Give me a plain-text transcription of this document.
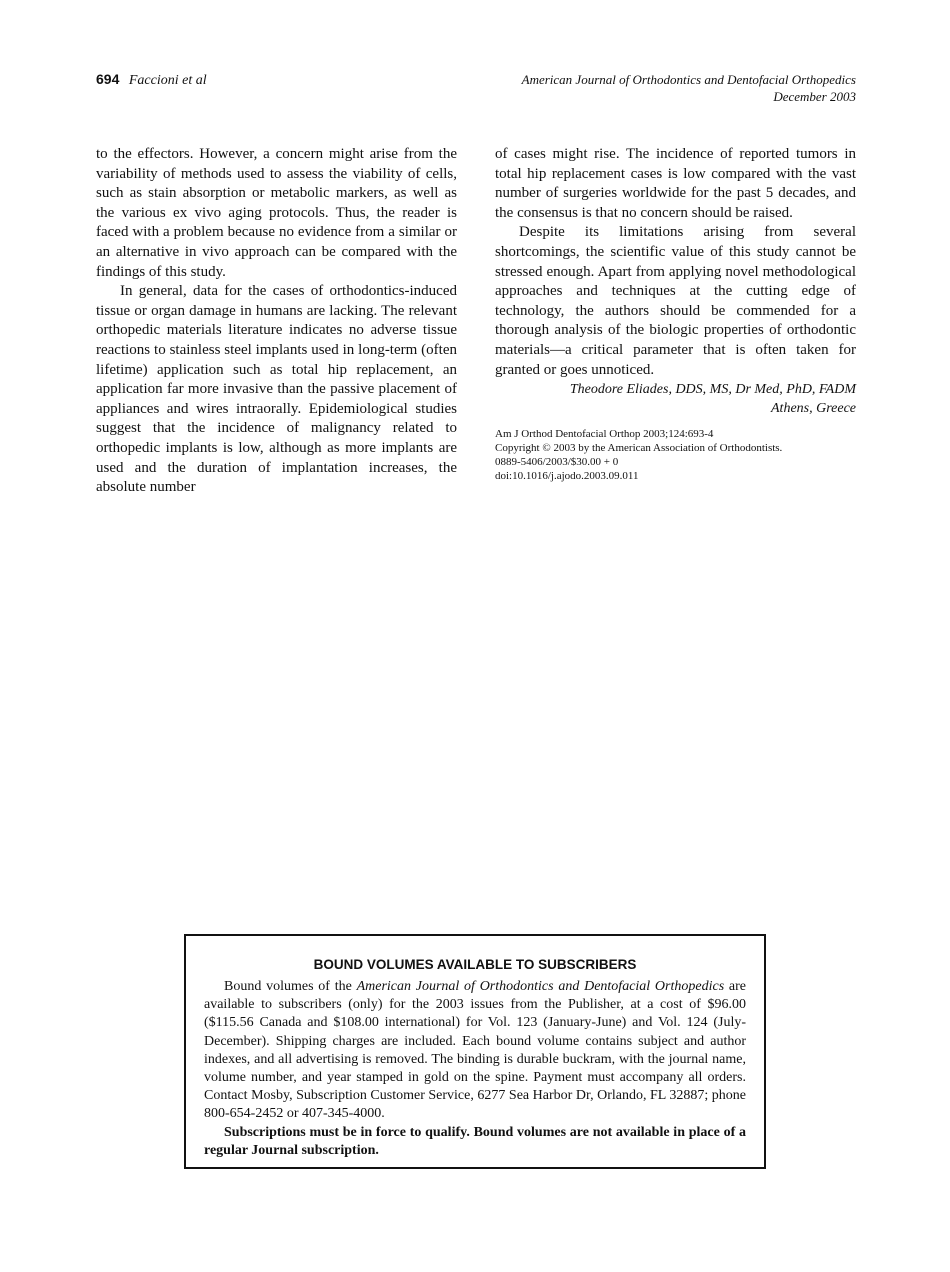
694 Faccioni et al	American Journal of Orthodontics and Dentofacial Orthopedics
December 2003

to the effectors. However, a concern might arise from the variability of methods used to assess the viability of cells, such as stain absorption or metabolic markers, as well as the various ex vivo aging protocols. Thus, the reader is faced with a problem because no evidence from a similar or an alternative in vivo approach can be compared with the findings of this study.

In general, data for the cases of orthodontics-induced tissue or organ damage in humans are lacking. The relevant orthopedic materials literature indicates no adverse tissue reactions to stainless steel implants used in long-term (often lifetime) application such as total hip replacement, an application far more invasive than the passive placement of appliances and wires intraorally. Epidemiological studies suggest that the incidence of malignancy related to orthopedic implants is low, although as more implants are used and the duration of implantation increases, the absolute number

of cases might rise. The incidence of reported tumors in total hip replacement cases is low compared with the vast number of surgeries worldwide for the past 5 decades, and the consensus is that no concern should be raised.

Despite its limitations arising from several shortcomings, the scientific value of this study cannot be stressed enough. Apart from applying novel methodological approaches and techniques at the cutting edge of technology, the authors should be commended for a thorough analysis of the biologic properties of orthodontic materials—a critical parameter that is often taken for granted or goes unnoticed.

Theodore Eliades, DDS, MS, Dr Med, PhD, FADM
Athens, Greece
Am J Orthod Dentofacial Orthop 2003;124:693-4
Copyright © 2003 by the American Association of Orthodontists.
0889-5406/2003/$30.00 + 0
doi:10.1016/j.ajodo.2003.09.011
BOUND VOLUMES AVAILABLE TO SUBSCRIBERS

Bound volumes of the American Journal of Orthodontics and Dentofacial Orthopedics are available to subscribers (only) for the 2003 issues from the Publisher, at a cost of $96.00 ($115.56 Canada and $108.00 international) for Vol. 123 (January-June) and Vol. 124 (July-December). Shipping charges are included. Each bound volume contains subject and author indexes, and all advertising is removed. The binding is durable buckram, with the journal name, volume number, and year stamped in gold on the spine. Payment must accompany all orders. Contact Mosby, Subscription Customer Service, 6277 Sea Harbor Dr, Orlando, FL 32887; phone 800-654-2452 or 407-345-4000.

Subscriptions must be in force to qualify. Bound volumes are not available in place of a regular Journal subscription.
